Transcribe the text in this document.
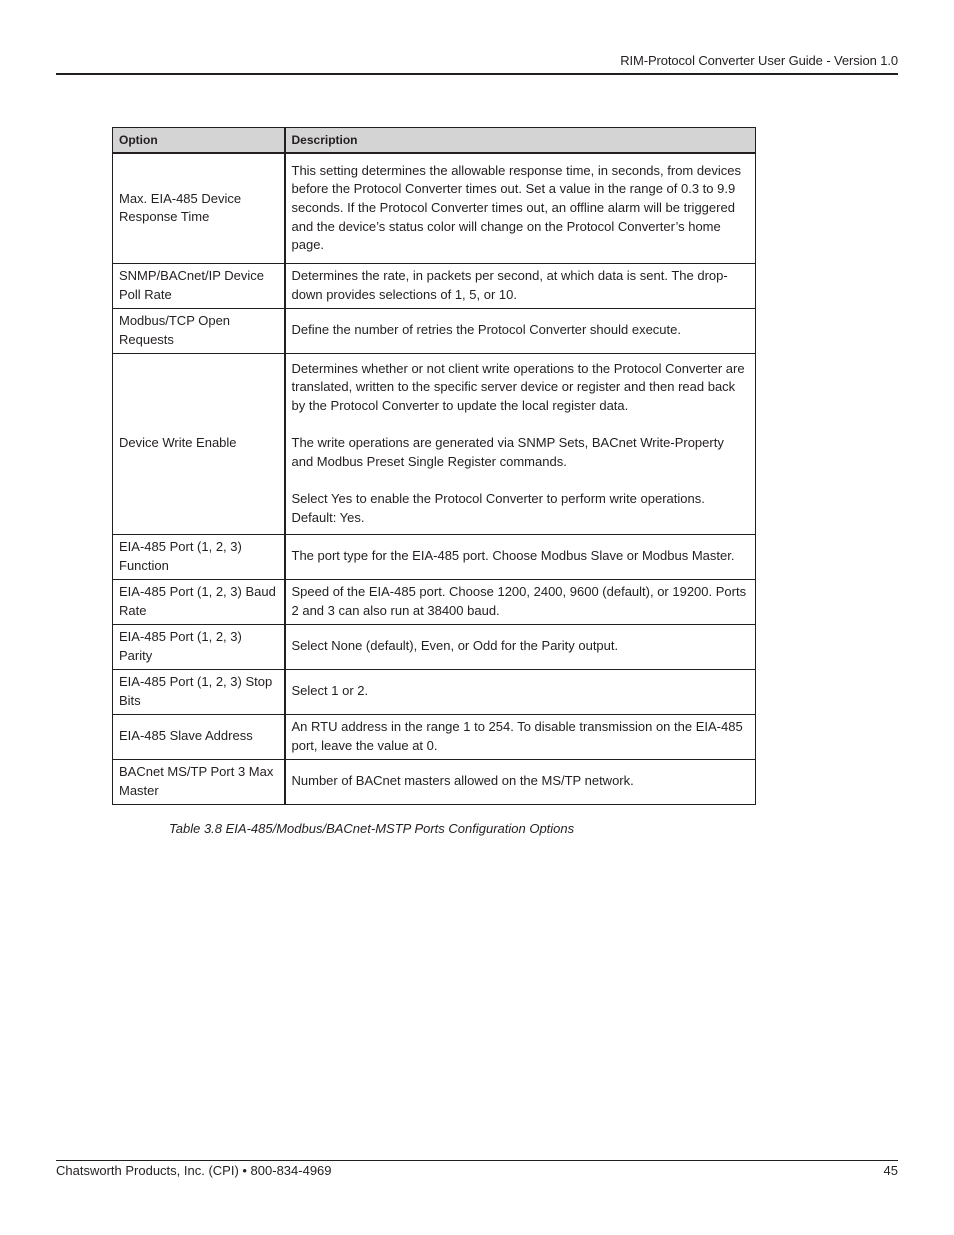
RIM-Protocol Converter User Guide - Version 1.0
Option	Description
Max. EIA-485 Device Response Time	This setting determines the allowable response time, in seconds, from devices before the Protocol Converter times out. Set a value in the range of 0.3 to 9.9 seconds. If the Protocol Converter times out, an offline alarm will be triggered and the device’s status color will change on the Protocol Converter’s home page.

SNMP/BACnet/IP Device Poll Rate	Determines the rate, in packets per second, at which data is sent. The drop-down provides selections of 1, 5, or 10.

Modbus/TCP Open Requests	Define the number of retries the Protocol Converter should execute.

Device Write Enable	Determines whether or not client write operations to the Protocol Converter are translated, written to the specific server device or register and then read back by the Protocol Converter to update the local register data.

The write operations are generated via SNMP Sets, BACnet Write-Property and Modbus Preset Single Register commands.

Select Yes to enable the Protocol Converter to perform write operations. Default: Yes.

EIA-485 Port (1, 2, 3) Function	The port type for the EIA-485 port. Choose Modbus Slave or Modbus Master.

EIA-485 Port (1, 2, 3) Baud Rate	Speed of the EIA-485 port. Choose 1200, 2400, 9600 (default), or 19200. Ports 2 and 3 can also run at 38400 baud.

EIA-485 Port (1, 2, 3) Parity	Select None (default), Even, or Odd for the Parity output.

EIA-485 Port (1, 2, 3) Stop Bits	Select 1 or 2.

EIA-485 Slave Address	An RTU address in the range 1 to 254. To disable transmission on the EIA-485 port, leave the value at 0.

BACnet MS/TP Port 3 Max Master	Number of BACnet masters allowed on the MS/TP network.

Table 3.8 EIA-485/Modbus/BACnet-MSTP Ports Configuration Options
Chatsworth Products, Inc. (CPI) • 800-834-4969	45
